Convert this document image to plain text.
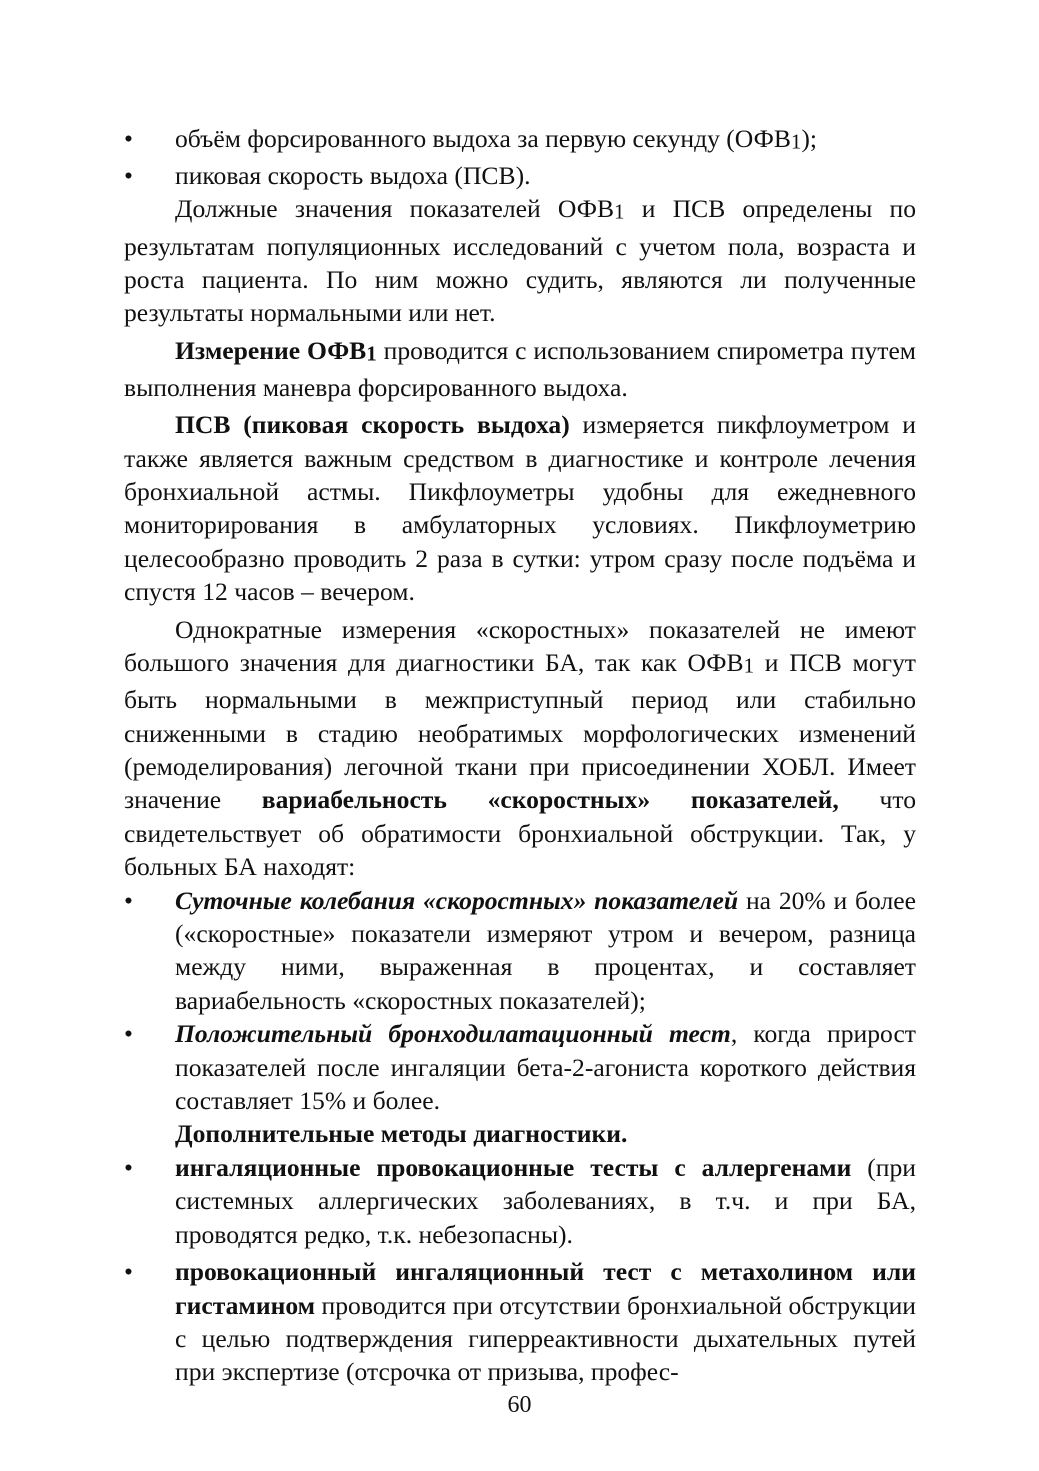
• объём форсированного выдоха за первую секунду (ОФВ1);
• пиковая скорость выдоха (ПСВ).

Должные значения показателей ОФВ1 и ПСВ определены по результатам популяционных исследований с учетом пола, возраста и роста пациента. По ним можно судить, являются ли полученные результаты нормальными или нет.

Измерение ОФВ1 проводится с использованием спирометра путем выполнения маневра форсированного выдоха.

ПСВ (пиковая скорость выдоха) измеряется пикфлоуметром и также является важным средством в диагностике и контроле лечения бронхиальной астмы. Пикфлоуметры удобны для ежедневного мониторирования в амбулаторных условиях. Пикфлоуметрию целесообразно проводить 2 раза в сутки: утром сразу после подъёма и спустя 12 часов – вечером.

Однократные измерения «скоростных» показателей не имеют большого значения для диагностики БА, так как ОФВ1 и ПСВ могут быть нормальными в межприступный период или стабильно сниженными в стадию необратимых морфологических изменений (ремоделирования) легочной ткани при присоединении ХОБЛ. Имеет значение вариабельность «скоростных» показателей, что свидетельствует об обратимости бронхиальной обструкции. Так, у больных БА находят:

• Суточные колебания «скоростных» показателей на 20% и более («скоростные» показатели измеряют утром и вечером, разница между ними, выраженная в процентах, и составляет вариабельность «скоростных показателей);
• Положительный бронходилатационный тест, когда прирост показателей после ингаляции бета-2-агониста короткого действия составляет 15% и более.
Дополнительные методы диагностики.
• ингаляционные провокационные тесты с аллергенами (при системных аллергических заболеваниях, в т.ч. и при БА, проводятся редко, т.к. небезопасны).
• провокационный ингаляционный тест с метахолином или гистамином проводится при отсутствии бронхиальной обструкции с целью подтверждения гиперреактивности дыхательных путей при экспертизе (отсрочка от призыва, профес-
60
